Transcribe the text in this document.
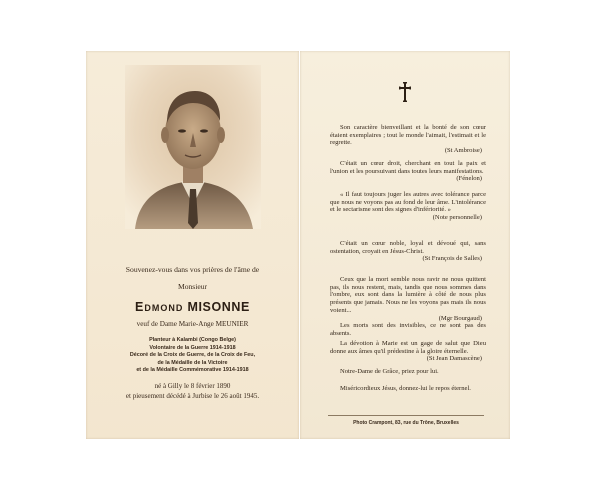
Souvenez-vous dans vos prières de l'âme de
Monsieur
Edmond MISONNE
veuf de Dame Marie-Ange MEUNIER
Planteur à Kalambi (Congo Belge)
Volontaire de la Guerre 1914-1918
Décoré de la Croix de Guerre, de la Croix de Feu,
de la Médaille de la Victoire
et de la Médaille Commémorative 1914-1918
né à Gilly le 8 février 1890
et pieusement décédé à Jurbise le 26 août 1945.
Son caractère bienveillant et la bonté de son cœur étaient exemplaires ; tout le monde l'aimait, l'estimait et le regrette.
(St Ambroise)
C'était un cœur droit, cherchant en tout la paix et l'union et les poursuivant dans toutes leurs manifestations.
(Fénelon)
« Il faut toujours juger les autres avec tolérance parce que nous ne voyons pas au fond de leur âme. L'intolérance et le sectarisme sont des signes d'infériorité. »
(Note personnelle)
C'était un cœur noble, loyal et dévoué qui, sans ostentation, croyait en Jésus-Christ.
(St François de Salles)
Ceux que la mort semble nous ravir ne nous quittent pas, ils nous restent, mais, tandis que nous sommes dans l'ombre, eux sont dans la lumière à côté de nous plus présents que jamais. Nous ne les voyons pas mais ils nous voient...
(Mgr Bourgaud)
Les morts sont des invisibles, ce ne sont pas des absents.
La dévotion à Marie est un gage de salut que Dieu donne aux âmes qu'il prédestine à la gloire éternelle.
(St Jean Damascène)
Notre-Dame de Grâce, priez pour lui.
Miséricordieux Jésus, donnez-lui le repos éternel.
Photo Crampont, 83, rue du Trône, Bruxelles
